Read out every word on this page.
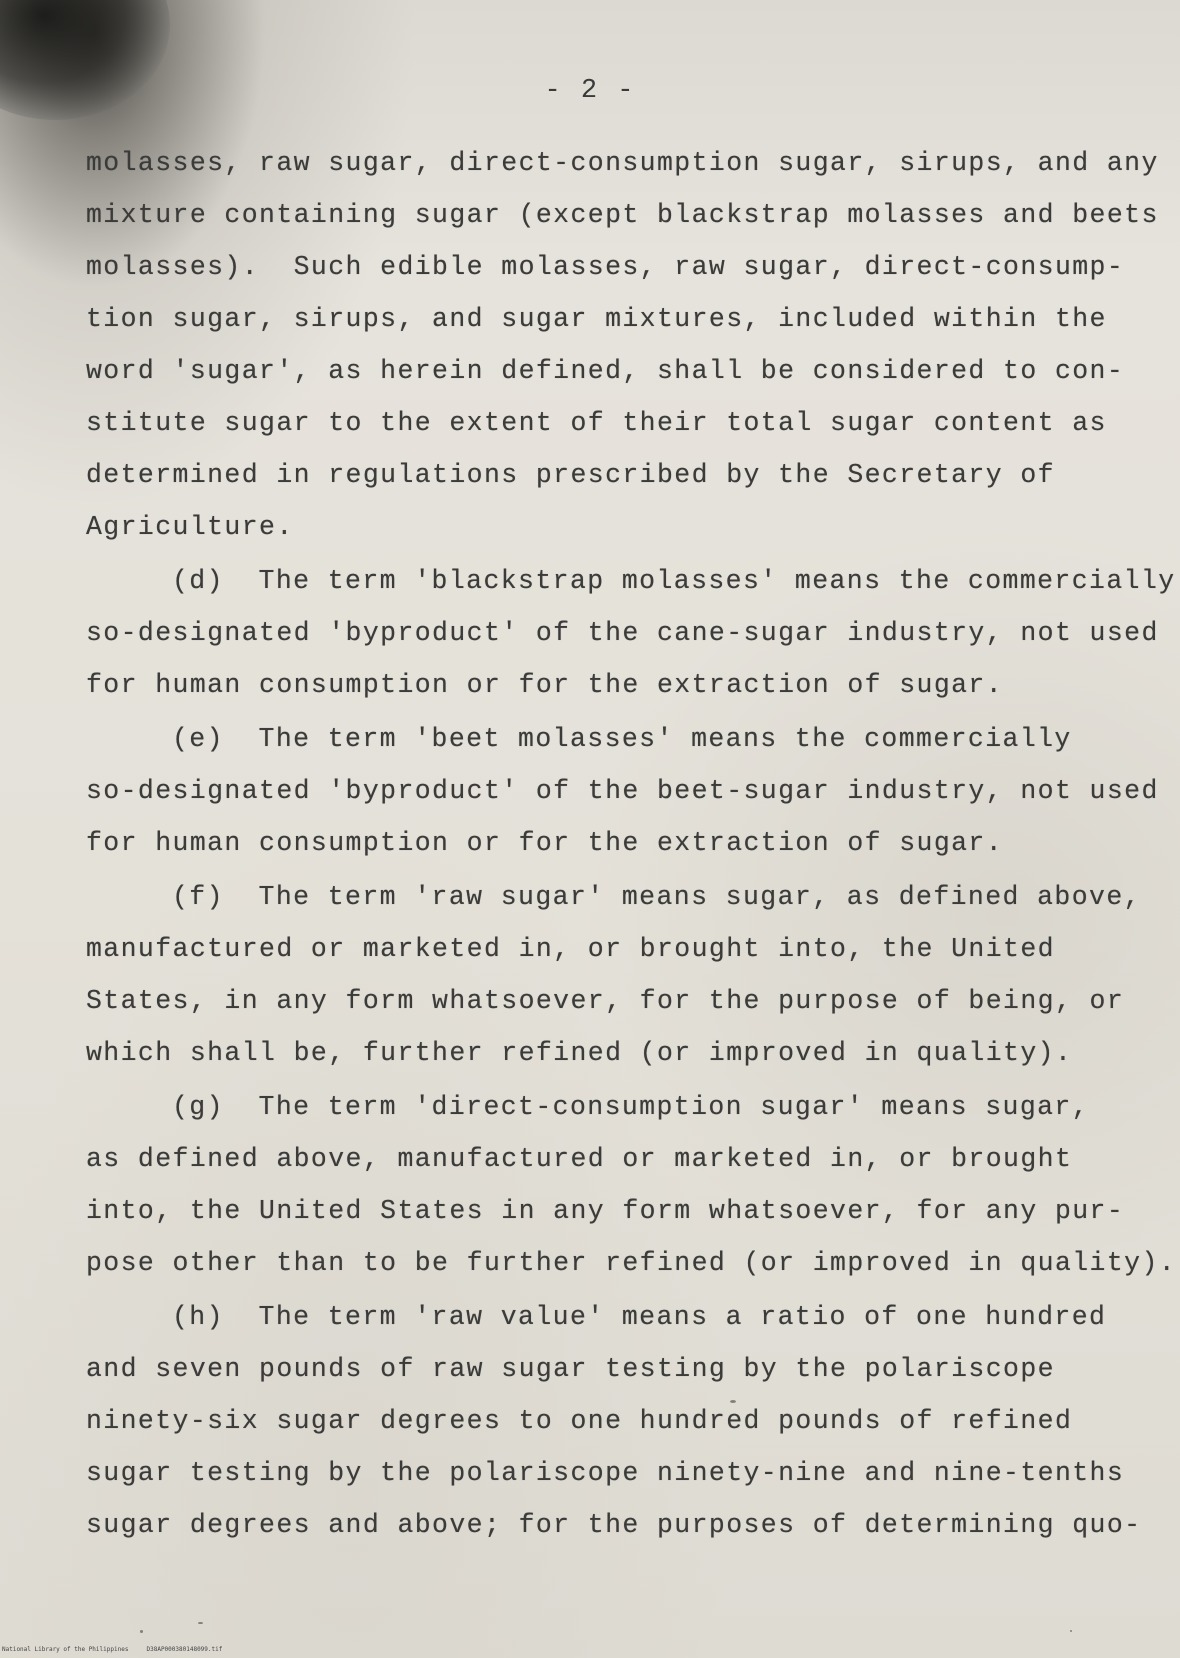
- 2 -
molasses, raw sugar, direct-consumption sugar, sirups, and any
mixture containing sugar (except blackstrap molasses and beets
molasses).  Such edible molasses, raw sugar, direct-consump-
tion sugar, sirups, and sugar mixtures, included within the
word 'sugar', as herein defined, shall be considered to con-
stitute sugar to the extent of their total sugar content as
determined in regulations prescribed by the Secretary of
Agriculture.
(d)  The term 'blackstrap molasses' means the commercially
so-designated 'byproduct' of the cane-sugar industry, not used
for human consumption or for the extraction of sugar.
(e)  The term 'beet molasses' means the commercially
so-designated 'byproduct' of the beet-sugar industry, not used
for human consumption or for the extraction of sugar.
(f)  The term 'raw sugar' means sugar, as defined above,
manufactured or marketed in, or brought into, the United
States, in any form whatsoever, for the purpose of being, or
which shall be, further refined (or improved in quality).
(g)  The term 'direct-consumption sugar' means sugar,
as defined above, manufactured or marketed in, or brought
into, the United States in any form whatsoever, for any pur-
pose other than to be further refined (or improved in quality).
(h)  The term 'raw value' means a ratio of one hundred
and seven pounds of raw sugar testing by the polariscope
ninety-six sugar degrees to one hundred pounds of refined
sugar testing by the polariscope ninety-nine and nine-tenths
sugar degrees and above; for the purposes of determining quo-
National Library of the Philippines     D38AP000380148099.tif
